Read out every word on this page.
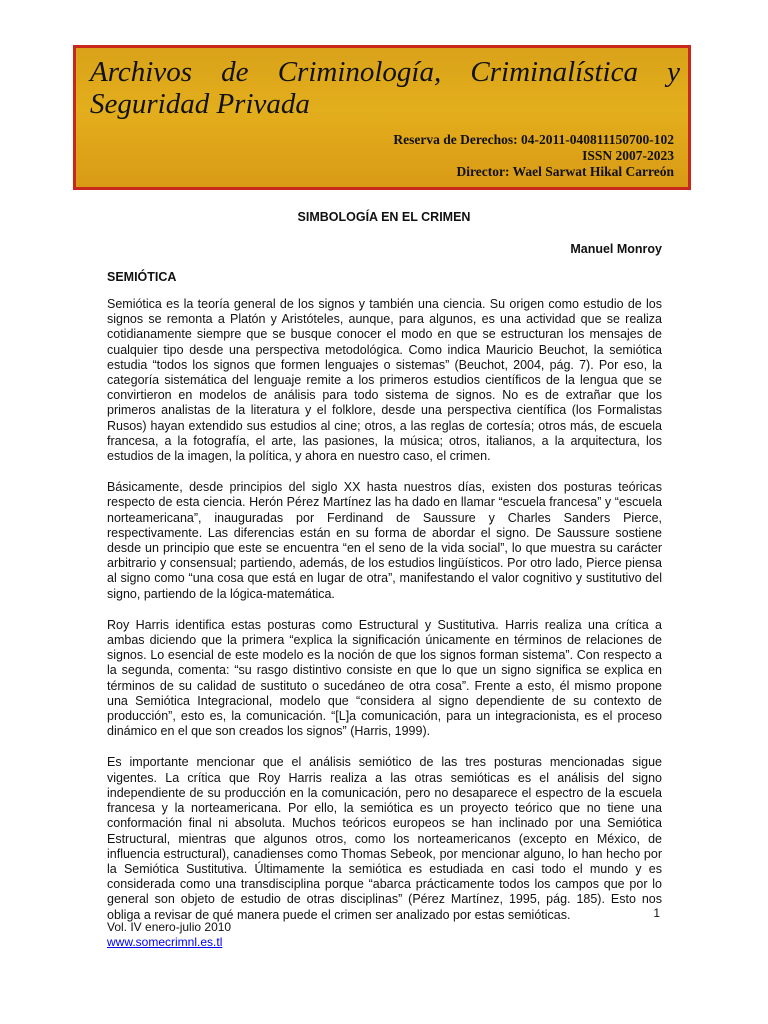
Archivos de Criminología, Criminalística y
Seguridad Privada
Reserva de Derechos: 04-2011-040811150700-102
ISSN 2007-2023
Director: Wael Sarwat Hikal Carreón
SIMBOLOGÍA EN EL CRIMEN
Manuel Monroy
SEMIÓTICA

Semiótica es la teoría general de los signos y también una ciencia. Su origen como estudio de los signos se remonta a Platón y Aristóteles, aunque, para algunos, es una actividad que se realiza cotidianamente siempre que se busque conocer el modo en que se estructuran los mensajes de cualquier tipo desde una perspectiva metodológica. Como indica Mauricio Beuchot, la semiótica estudia “todos los signos que formen lenguajes o sistemas” (Beuchot, 2004, pág. 7). Por eso, la categoría sistemática del lenguaje remite a los primeros estudios científicos de la lengua que se convirtieron en modelos de análisis para todo sistema de signos. No es de extrañar que los primeros analistas de la literatura y el folklore, desde una perspectiva científica (los Formalistas Rusos) hayan extendido sus estudios al cine; otros, a las reglas de cortesía; otros más, de escuela francesa, a la fotografía, el arte, las pasiones, la música; otros, italianos, a la arquitectura, los estudios de la imagen, la política, y ahora en nuestro caso, el crimen.

Básicamente, desde principios del siglo XX hasta nuestros días, existen dos posturas teóricas respecto de esta ciencia. Herón Pérez Martínez las ha dado en llamar “escuela francesa” y “escuela norteamericana”, inauguradas por Ferdinand de Saussure y Charles Sanders Pierce, respectivamente. Las diferencias están en su forma de abordar el signo. De Saussure sostiene desde un principio que este se encuentra “en el seno de la vida social”, lo que muestra su carácter arbitrario y consensual; partiendo, además, de los estudios lingüísticos. Por otro lado, Pierce piensa al signo como “una cosa que está en lugar de otra”, manifestando el valor cognitivo y sustitutivo del signo, partiendo de la lógica-matemática.

Roy Harris identifica estas posturas como Estructural y Sustitutiva. Harris realiza una crítica a ambas diciendo que la primera “explica la significación únicamente en términos de relaciones de signos. Lo esencial de este modelo es la noción de que los signos forman sistema”. Con respecto a la segunda, comenta: “su rasgo distintivo consiste en que lo que un signo significa se explica en términos de su calidad de sustituto o sucedáneo de otra cosa”. Frente a esto, él mismo propone una Semiótica Integracional, modelo que “considera al signo dependiente de su contexto de producción”, esto es, la comunicación. “[L]a comunicación, para un integracionista, es el proceso dinámico en el que son creados los signos” (Harris, 1999).

Es importante mencionar que el análisis semiótico de las tres posturas mencionadas sigue vigentes. La crítica que Roy Harris realiza a las otras semióticas es el análisis del signo independiente de su producción en la comunicación, pero no desaparece el espectro de la escuela francesa y la norteamericana. Por ello, la semiótica es un proyecto teórico que no tiene una conformación final ni absoluta. Muchos teóricos europeos se han inclinado por una Semiótica Estructural, mientras que algunos otros, como los norteamericanos (excepto en México, de influencia estructural), canadienses como Thomas Sebeok, por mencionar alguno, lo han hecho por la Semiótica Sustitutiva. Últimamente la semiótica es estudiada en casi todo el mundo y es considerada como una transdisciplina porque “abarca prácticamente todos los campos que por lo general son objeto de estudio de otras disciplinas” (Pérez Martínez, 1995, pág. 185). Esto nos obliga a revisar de qué manera puede el crimen ser analizado por estas semióticas.	1
Vol. IV enero-julio 2010
www.somecrimnl.es.tl
